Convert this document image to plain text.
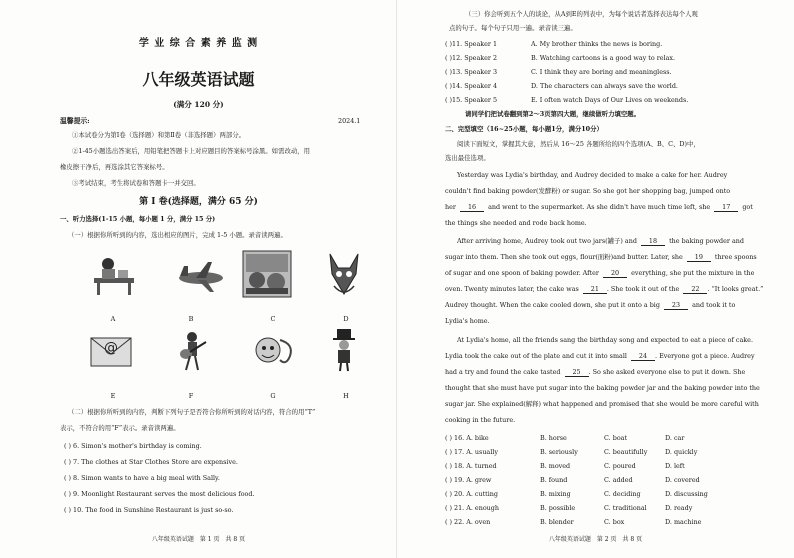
学 业 综 合 素 养 监 测
八年级英语试题
(满分 120 分)
温馨提示:	2024.1
①本试卷分为第Ⅰ卷（选择题）和第Ⅱ卷（非选择题）两部分。
②1-45小题选出答案后，用铅笔把答题卡上对应题目的答案标号涂黑。如需改动，用
橡皮擦干净后，再选涂其它答案标号。
③考试结束，考生将试卷和答题卡一并交回。
第 Ⅰ 卷(选择题，满分 65 分)
一、听力选择(1-15 小题，每小题 1 分，满分 15 分)
（一）根据你所听到的内容，选出相应的图片，完成 1-5 小题。录音读两遍。
A	B	C	D
@
E	F	G	H
（二）根据你所听到的内容，判断下列句子是否符合你所听到的对话内容，符合的用“T”
表示，不符合的用“F”表示。录音读两遍。
( ) 6. Simon's mother's birthday is coming.
( ) 7. The clothes at Star Clothes Store are expensive.
( ) 8. Simon wants to have a big meal with Sally.
( ) 9. Moonlight Restaurant serves the most delicious food.
( ) 10. The food in Sunshine Restaurant is just so-so.
八年级英语试题　第 1 页　共 8 页
（三）你会听到五个人的谈论，从A到E的列表中，为每个说话者选择表达每个人观
点的句子。每个句子只用一遍。录音读三遍。
( )11. Speaker 1	A. My brother thinks the news is boring.
( )12. Speaker 2	B. Watching cartoons is a good way to relax.
( )13. Speaker 3	C. I think they are boring and meaningless.
( )14. Speaker 4	D. The characters can always save the world.
( )15. Speaker 5	E. I often watch Days of Our Lives on weekends.
请同学们把试卷翻到第2～3页第四大题，继续做听力填空题。
二、完型填空（16~25小题，每小题1分，满分10分）
阅读下面短文，掌握其大意，然后从 16～25 各题所给的四个选项(A、B、C、D)中，
选出最佳选项。
Yesterday was Lydia's birthday, and Audrey decided to make a cake for her. Audrey
couldn't find baking powder(发酵粉) or sugar. So she got her shopping bag, jumped onto
her 16 and went to the supermarket. As she didn't have much time left, she 17 got
the things she needed and rode back home.
After arriving home, Audrey took out two jars(罐子) and 18 the baking powder and
sugar into them. Then she took out eggs, flour(面粉)and butter. Later, she 19 three spoons
of sugar and one spoon of baking powder. After 20 everything, she put the mixture in the
oven. Twenty minutes later, the cake was 21 . She took it out of the 22 . “It looks great.”
Audrey thought. When the cake cooled down, she put it onto a big 23 and took it to
Lydia's home.
At Lydia's home, all the friends sang the birthday song and expected to eat a piece of cake.
Lydia took the cake out of the plate and cut it into small 24 . Everyone got a piece. Audrey
had a try and found the cake tasted 25 . So she asked everyone else to put it down. She
thought that she must have put sugar into the baking powder jar and the baking powder into the
sugar jar. She explained(解释) what happened and promised that she would be more careful with
cooking in the future.
( ) 16. A. bike	B. horse	C. boat	D. car
( ) 17. A. usually	B. seriously	C. beautifully	D. quickly
( ) 18. A. turned	B. moved	C. poured	D. left
( ) 19. A. grew	B. found	C. added	D. covered
( ) 20. A. cutting	B. mixing	C. deciding	D. discussing
( ) 21. A. enough	B. possible	C. traditional	D. ready
( ) 22. A. oven	B. blender	C. box	D. machine
八年级英语试题　第 2 页　共 8 页
